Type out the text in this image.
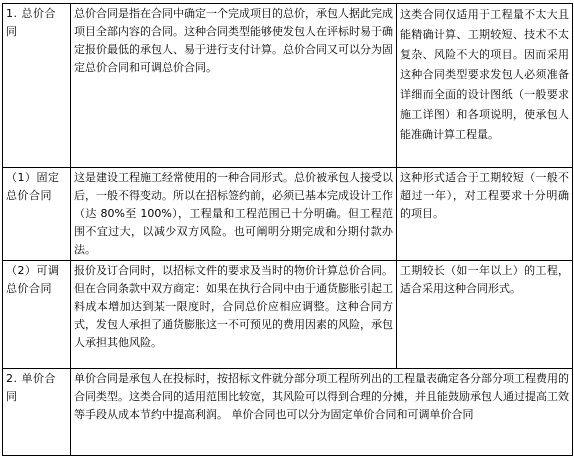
1. 总价合同	总价合同是指在合同中确定一个完成项目的总价，承包人据此完成项目全部内容的合同。这种合同类型能够使发包人在评标时易于确定报价最低的承包人、易于进行支付计算。总价合同又可以分为固定总价合同和可调总价合同。	这类合同仅适用于工程量不太大且能精确计算、工期较短、技术不太复杂、风险不大的项目。因而采用这种合同类型要求发包人必须准备详细而全面的设计图纸（一般要求施工详图）和各项说明，使承包人能准确计算工程量。
（1）固定总价合同	这是建设工程施工经常使用的一种合同形式。总价被承包人接受以后，一般不得变动。所以在招标签约前，必须已基本完成设计工作（达 80%至 100%），工程量和工程范围已十分明确。但工程范围不宜过大，以减少双方风险。也可阐明分期完成和分期付款办法。	这种形式适合于工期较短（一般不超过一年），对工程要求十分明确的项目。
（2）可调总价合同	报价及订合同时，以招标文件的要求及当时的物价计算总价合同。但在合同条款中双方商定：如果在执行合同中由于通货膨胀引起工料成本增加达到某一限度时，合同总价应相应调整。这种合同方式，发包人承担了通货膨胀这一不可预见的费用因素的风险，承包人承担其他风险。	工期较长（如一年以上）的工程，适合采用这种合同形式。
2. 单价合同	单价合同是承包人在投标时，按招标文件就分部分项工程所列出的工程量表确定各分部分项工程费用的合同类型。这类合同的适用范围比较宽，其风险可以得到合理的分摊，并且能鼓励承包人通过提高工效等手段从成本节约中提高利润。 单价合同也可以分为固定单价合同和可调单价合同	
